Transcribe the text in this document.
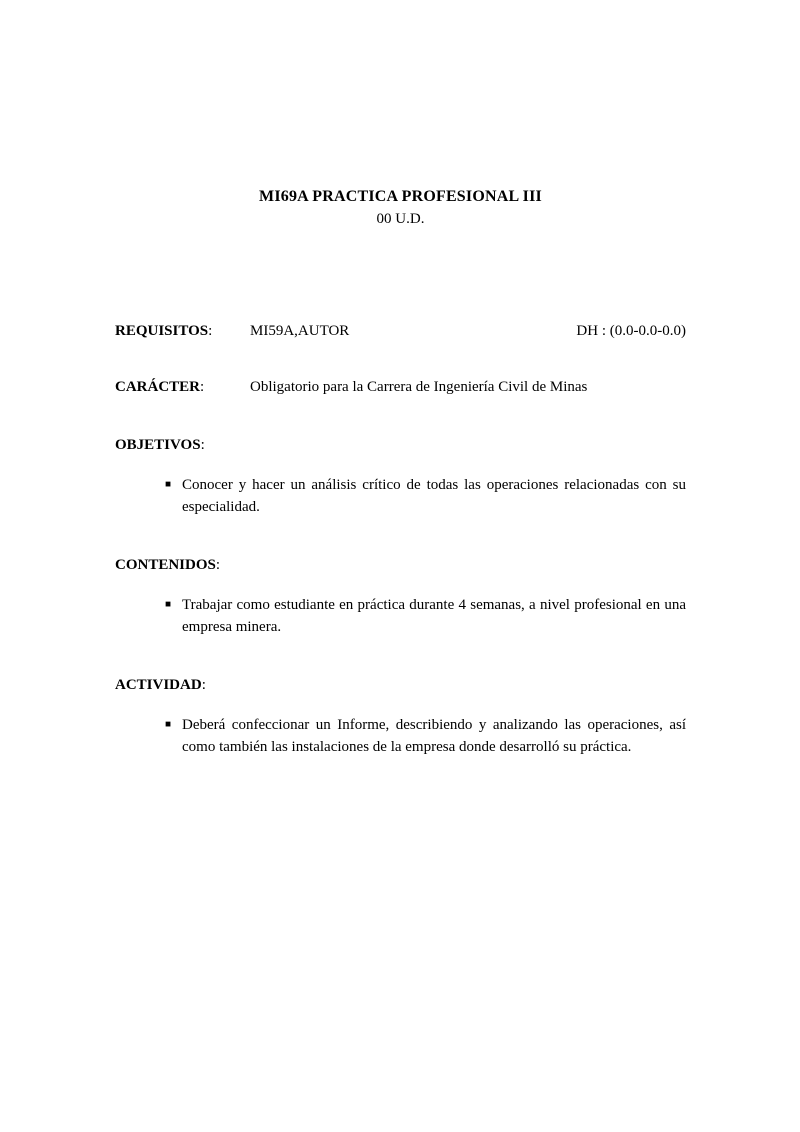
MI69A PRACTICA PROFESIONAL III
00 U.D.
REQUISITOS:	MI59A,AUTOR	DH : (0.0-0.0-0.0)
CARÁCTER:	Obligatorio para la Carrera de Ingeniería Civil de Minas
OBJETIVOS:
■ Conocer y hacer un análisis crítico de todas las operaciones relacionadas con su especialidad.
CONTENIDOS:
■ Trabajar como estudiante en práctica durante 4 semanas, a nivel profesional en una empresa minera.
ACTIVIDAD:
■ Deberá confeccionar un Informe, describiendo y analizando las operaciones, así como también las instalaciones de la empresa donde desarrolló su práctica.
